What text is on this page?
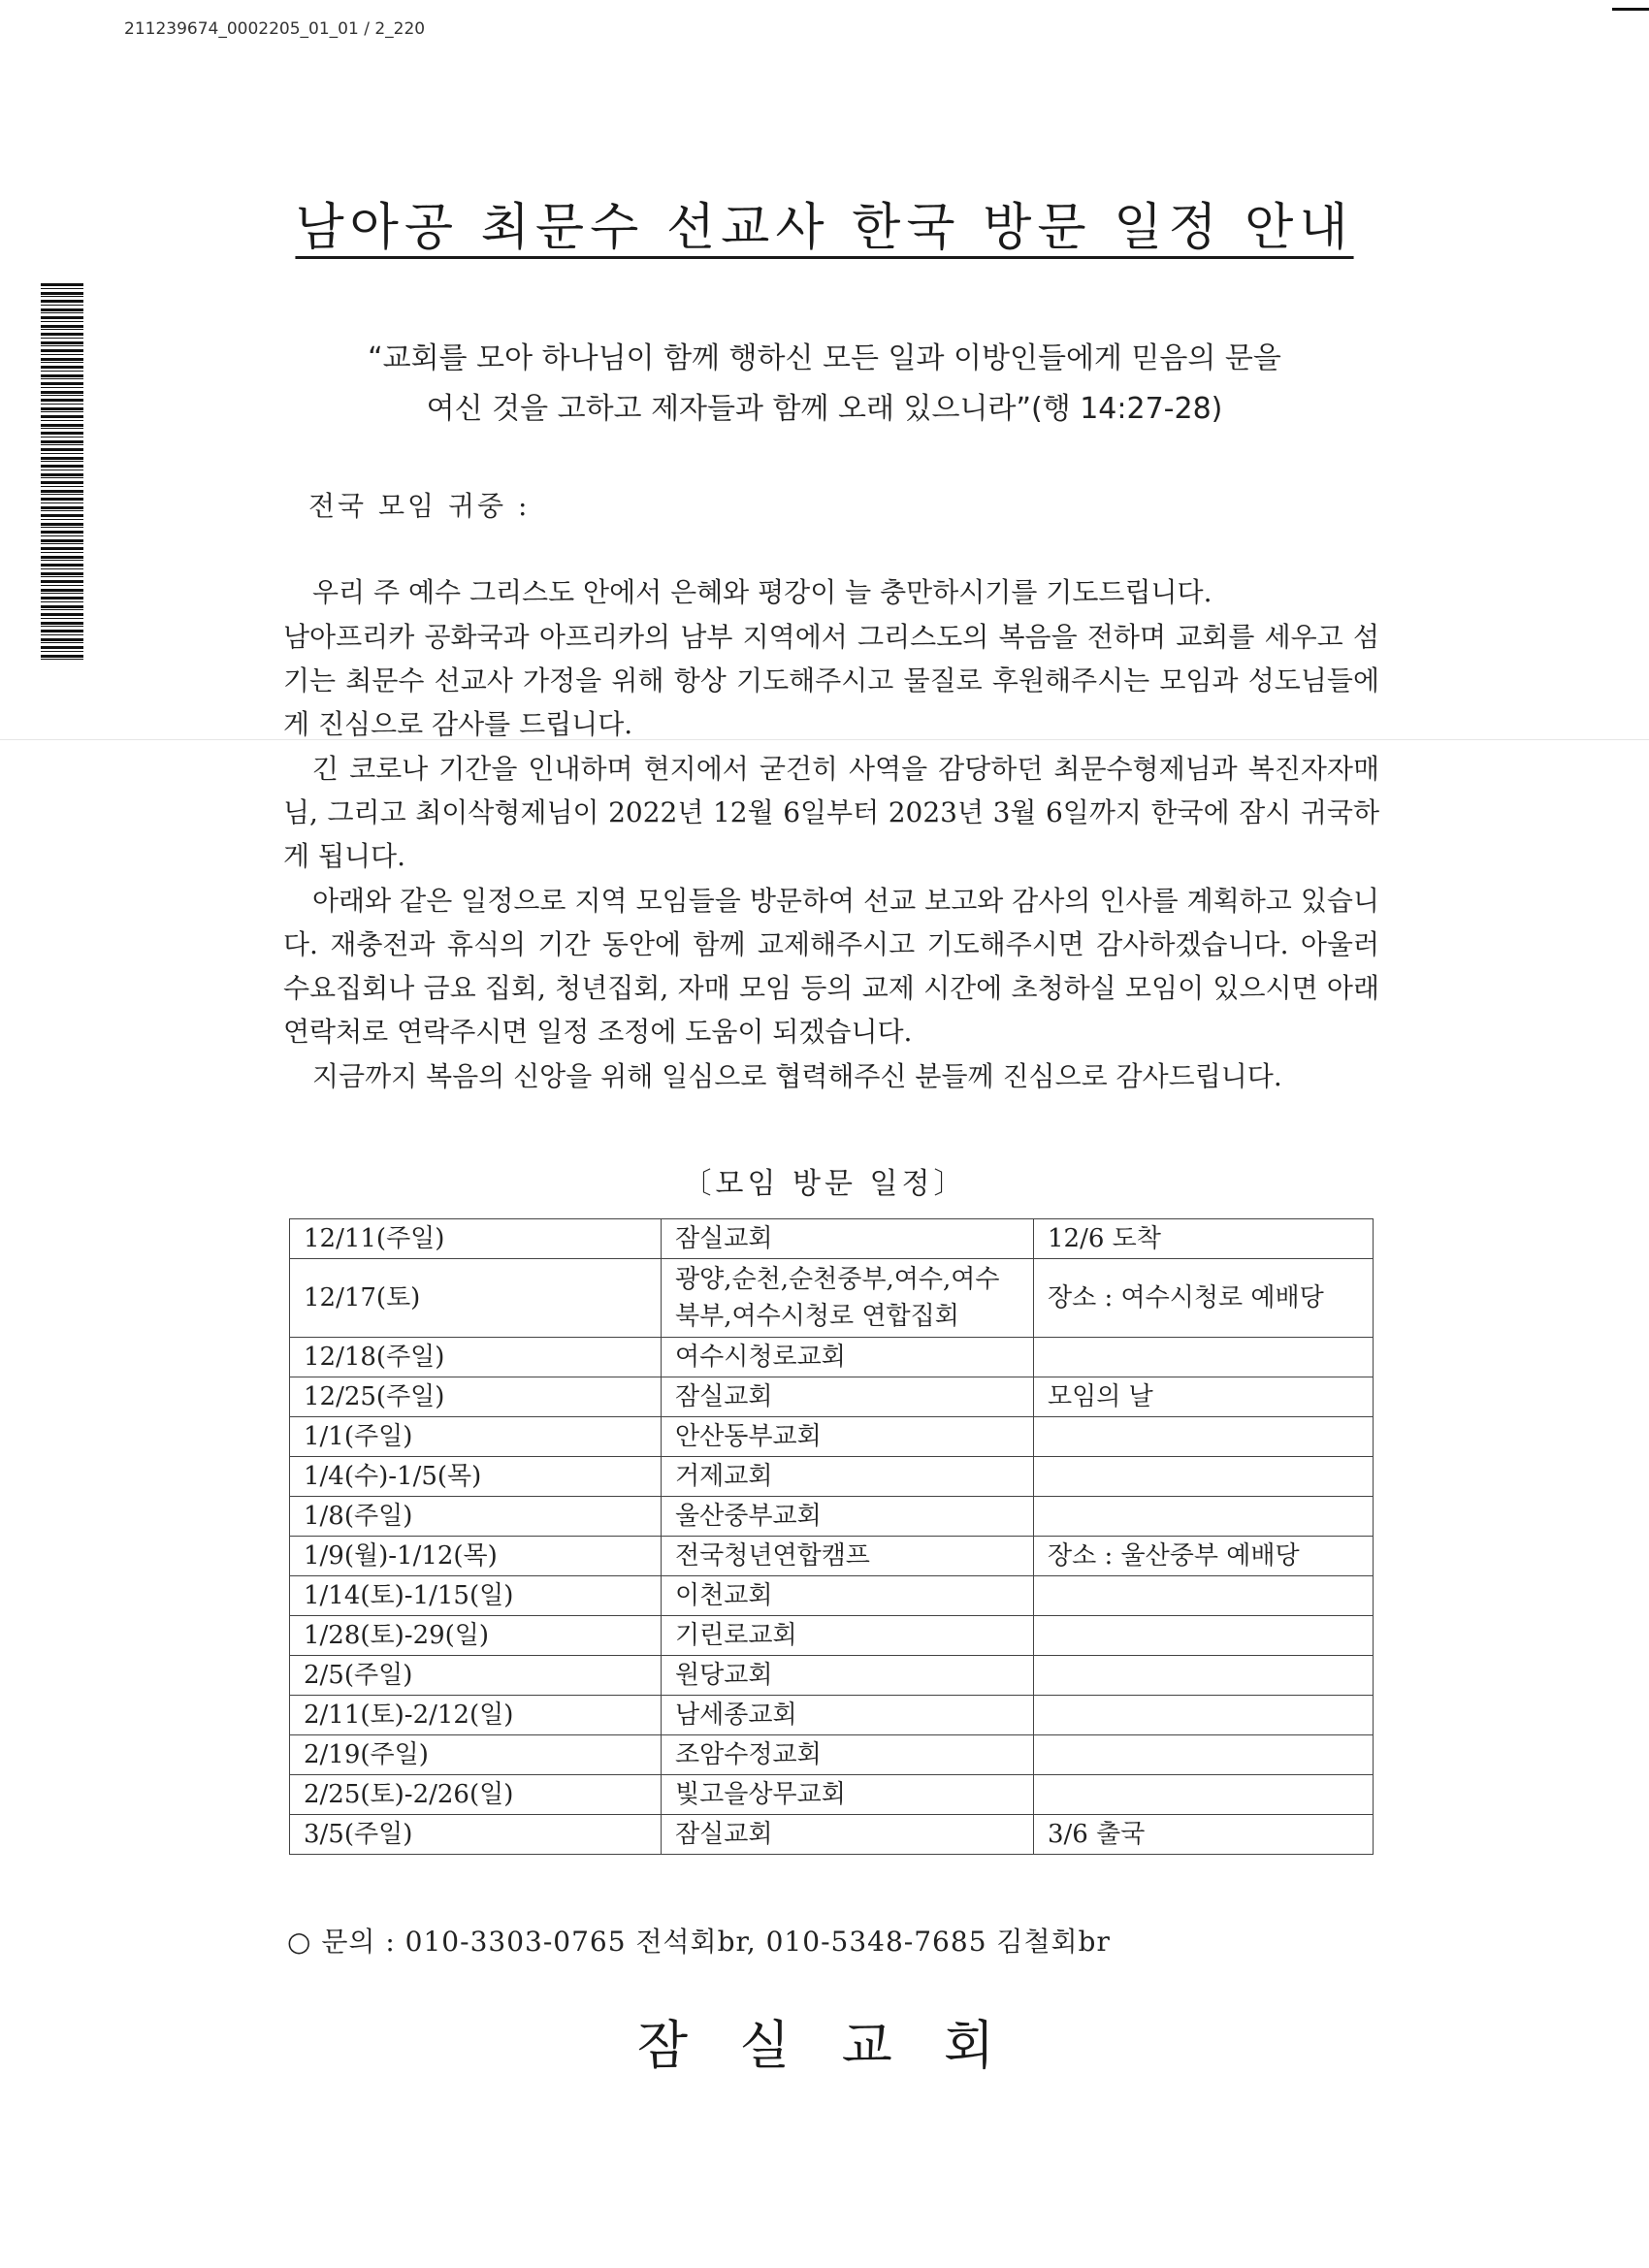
211239674_0002205_01_01 / 2_220
남아공 최문수 선교사 한국 방문 일정 안내
“교회를 모아 하나님이 함께 행하신 모든 일과 이방인들에게 믿음의 문을
여신 것을 고하고 제자들과 함께 오래 있으니라”(행 14:27-28)
전국 모임 귀중 :

우리 주 예수 그리스도 안에서 은혜와 평강이 늘 충만하시기를 기도드립니다.

남아프리카 공화국과 아프리카의 남부 지역에서 그리스도의 복음을 전하며 교회를 세우고 섬기는 최문수 선교사 가정을 위해 항상 기도해주시고 물질로 후원해주시는 모임과 성도님들에게 진심으로 감사를 드립니다.

긴 코로나 기간을 인내하며 현지에서 굳건히 사역을 감당하던 최문수형제님과 복진자자매님, 그리고 최이삭형제님이 2022년 12월 6일부터 2023년 3월 6일까지 한국에 잠시 귀국하게 됩니다.

아래와 같은 일정으로 지역 모임들을 방문하여 선교 보고와 감사의 인사를 계획하고 있습니다. 재충전과 휴식의 기간 동안에 함께 교제해주시고 기도해주시면 감사하겠습니다. 아울러 수요집회나 금요 집회, 청년집회, 자매 모임 등의 교제 시간에 초청하실 모임이 있으시면 아래 연락처로 연락주시면 일정 조정에 도움이 되겠습니다.

지금까지 복음의 신앙을 위해 일심으로 협력해주신 분들께 진심으로 감사드립니다.

〔모임 방문 일정〕
12/11(주일)	잠실교회	12/6 도착
12/17(토)	광양,순천,순천중부,여수,여수북부,여수시청로 연합집회	장소 : 여수시청로 예배당
12/18(주일)	여수시청로교회	
12/25(주일)	잠실교회	모임의 날
1/1(주일)	안산동부교회	
1/4(수)-1/5(목)	거제교회	
1/8(주일)	울산중부교회	
1/9(월)-1/12(목)	전국청년연합캠프	장소 : 울산중부 예배당
1/14(토)-1/15(일)	이천교회	
1/28(토)-29(일)	기린로교회	
2/5(주일)	원당교회	
2/11(토)-2/12(일)	남세종교회	
2/19(주일)	조암수정교회	
2/25(토)-2/26(일)	빛고을상무교회	
3/5(주일)	잠실교회	3/6 출국
○ 문의 : 010-3303-0765 전석회br, 010-5348-7685 김철회br
잠 실 교 회
